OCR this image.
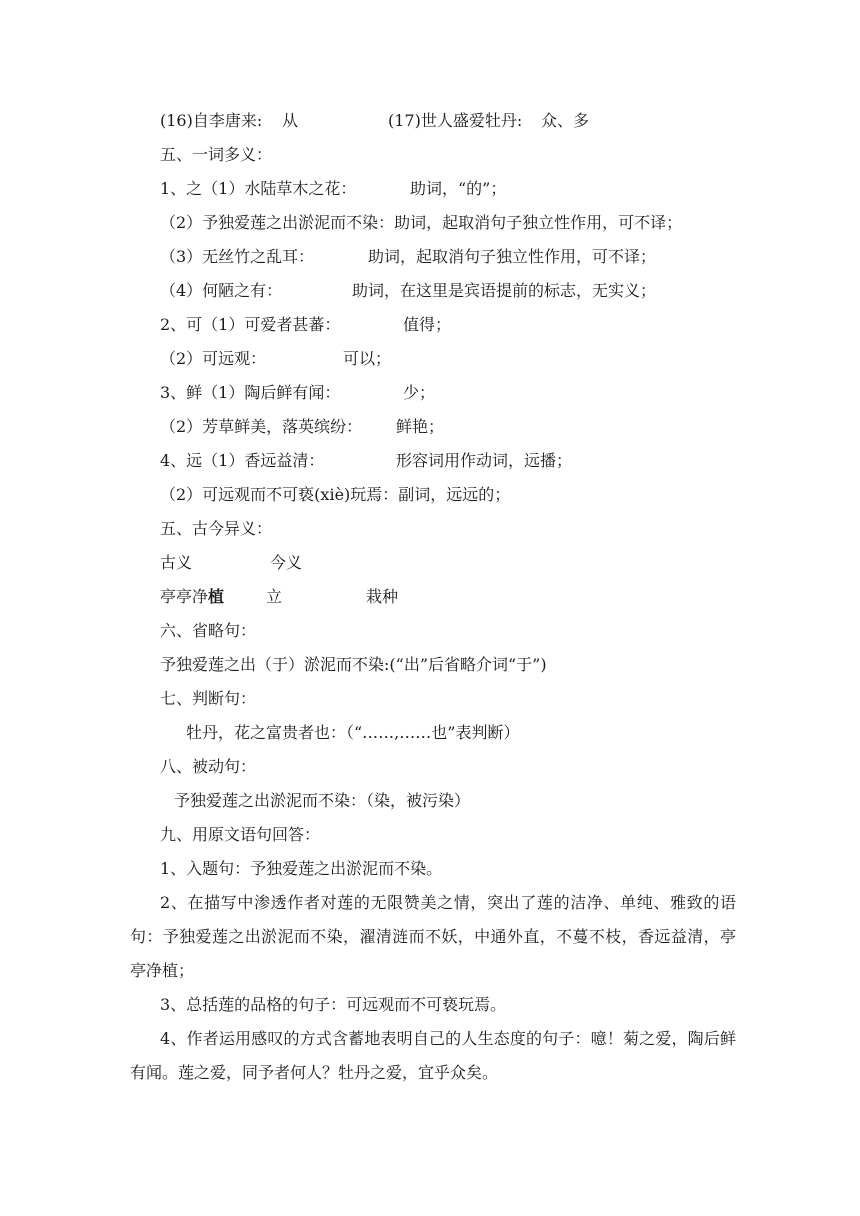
(16)自李唐来: 从	(17)世人盛爱牡丹: 众、多
五、一词多义：
1、之（1）水陆草木之花：	助词，“的”；
（2）予独爱莲之出淤泥而不染：助词，起取消句子独立性作用，可不译；
（3）无丝竹之乱耳：	助词，起取消句子独立性作用，可不译；
（4）何陋之有：	助词，在这里是宾语提前的标志，无实义；
2、可（1）可爱者甚蕃：	值得；
（2）可远观：	可以；
3、鲜（1）陶后鲜有闻：	少；
（2）芳草鲜美，落英缤纷： 鲜艳；
4、远（1）香远益清：	形容词用作动词，远播；
（2）可远观而不可亵(xiè)玩焉：副词，远远的；
五、古今异义：
古义	今义
亭亭净植	立	栽种
六、省略句：
予独爱莲之出（于）淤泥而不染:(“出”后省略介词“于”)
七、判断句：
牡丹，花之富贵者也：（“……,……也”表判断）
八、被动句：
予独爱莲之出淤泥而不染：（染，被污染）
九、用原文语句回答：
1、入题句：予独爱莲之出淤泥而不染。
2、在描写中渗透作者对莲的无限赞美之情，突出了莲的洁净、单纯、雅致的语句：予独爱莲之出淤泥而不染，濯清涟而不妖，中通外直，不蔓不枝，香远益清，亭亭净植；
3、总括莲的品格的句子：可远观而不可亵玩焉。
4、作者运用感叹的方式含蓄地表明自己的人生态度的句子：噫！菊之爱，陶后鲜有闻。莲之爱，同予者何人？牡丹之爱，宜乎众矣。
